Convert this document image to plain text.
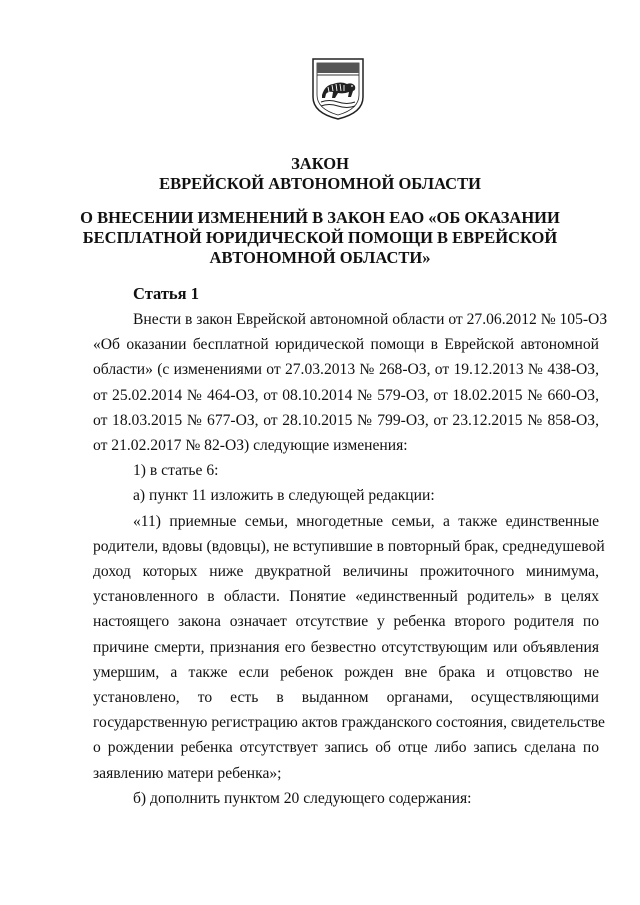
ЗАКОН
ЕВРЕЙСКОЙ АВТОНОМНОЙ ОБЛАСТИ
О ВНЕСЕНИИ ИЗМЕНЕНИЙ В ЗАКОН ЕАО «ОБ ОКАЗАНИИ
БЕСПЛАТНОЙ ЮРИДИЧЕСКОЙ ПОМОЩИ В ЕВРЕЙСКОЙ
АВТОНОМНОЙ ОБЛАСТИ»
Статья 1
Внести в закон Еврейской автономной области от 27.06.2012 № 105-ОЗ
«Об оказании бесплатной юридической помощи в Еврейской автономной
области» (с изменениями от 27.03.2013 № 268-ОЗ, от 19.12.2013 № 438-ОЗ,
от 25.02.2014 № 464-ОЗ, от 08.10.2014 № 579-ОЗ, от 18.02.2015 № 660-ОЗ,
от 18.03.2015 № 677-ОЗ, от 28.10.2015 № 799-ОЗ, от 23.12.2015 № 858-ОЗ,
от 21.02.2017 № 82-ОЗ) следующие изменения:
1) в статье 6:
а) пункт 11 изложить в следующей редакции:
«11) приемные семьи, многодетные семьи, а также единственные
родители, вдовы (вдовцы), не вступившие в повторный брак, среднедушевой
доход которых ниже двукратной величины прожиточного минимума,
установленного в области. Понятие «единственный родитель» в целях
настоящего закона означает отсутствие у ребенка второго родителя по
причине смерти, признания его безвестно отсутствующим или объявления
умершим, а также если ребенок рожден вне брака и отцовство не
установлено, то есть в выданном органами, осуществляющими
государственную регистрацию актов гражданского состояния, свидетельстве
о рождении ребенка отсутствует запись об отце либо запись сделана по
заявлению матери ребенка»;
б) дополнить пунктом 20 следующего содержания:
